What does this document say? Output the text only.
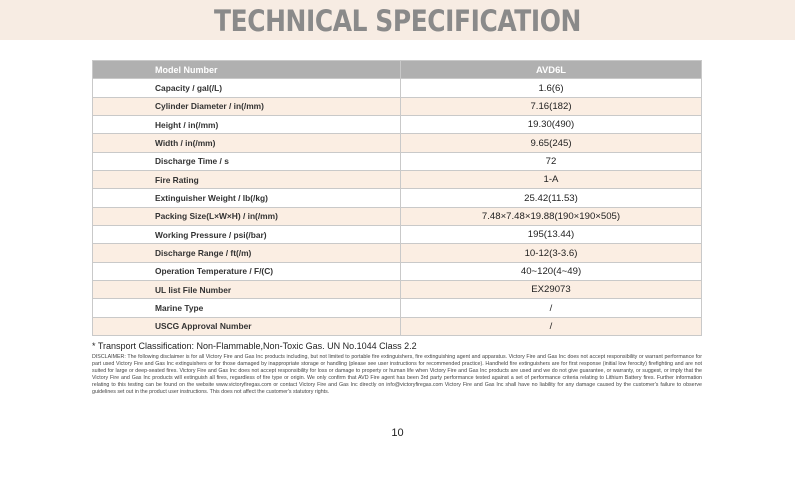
TECHNICAL SPECIFICATION
Model Number	AVD6L
Capacity / gal(/L)	1.6(6)
Cylinder Diameter / in(/mm)	7.16(182)
Height / in(/mm)	19.30(490)
Width / in(/mm)	9.65(245)
Discharge Time / s	72
Fire Rating	1-A
Extinguisher Weight / lb(/kg)	25.42(11.53)
Packing Size(L×W×H) / in(/mm)	7.48×7.48×19.88(190×190×505)
Working Pressure / psi(/bar)	195(13.44)
Discharge Range / ft(/m)	10-12(3-3.6)
Operation Temperature / F/(C)	40~120(4~49)
UL list File Number	EX29073
Marine Type	/
USCG Approval Number	/
* Transport Classification: Non-Flammable,Non-Toxic Gas. UN No.1044 Class 2.2
DISCLAIMER: The following disclaimer is for all Victory Fire and Gas Inc products including, but not limited to portable fire extinguishers, fire extinguishing agent and apparatus. Victory Fire and Gas Inc does not accept responsibility or warrant performance for part used Victory Fire and Gas Inc extinguishers or for those damaged by inappropriate storage or handling (please see user instructions for recommended practice). Handheld fire extinguishers are for first response (initial low ferocity) firefighting and are not suited for large or deep-seated fires. Victory Fire and Gas Inc does not accept responsibility for loss or damage to property or human life when Victory Fire and Gas Inc products are used and we do not give guarantee, or warranty, or suggest, or imply that the Victory Fire and Gas Inc products will extinguish all fires, regardless of fire type or origin. We only confirm that AVD Fire agent has been 3rd party performance tested against a set of performance criteria relating to Lithium Battery fires. Further information relating to this testing can be found on the website www.victoryfiregas.com or contact Victory Fire and Gas Inc directly on info@victoryfiregas.com Victory Fire and Gas Inc shall have no liability for any damage caused by the customer's failure to observe guidelines set out in the product user instructions. This does not affect the customer's statutory rights.
10
